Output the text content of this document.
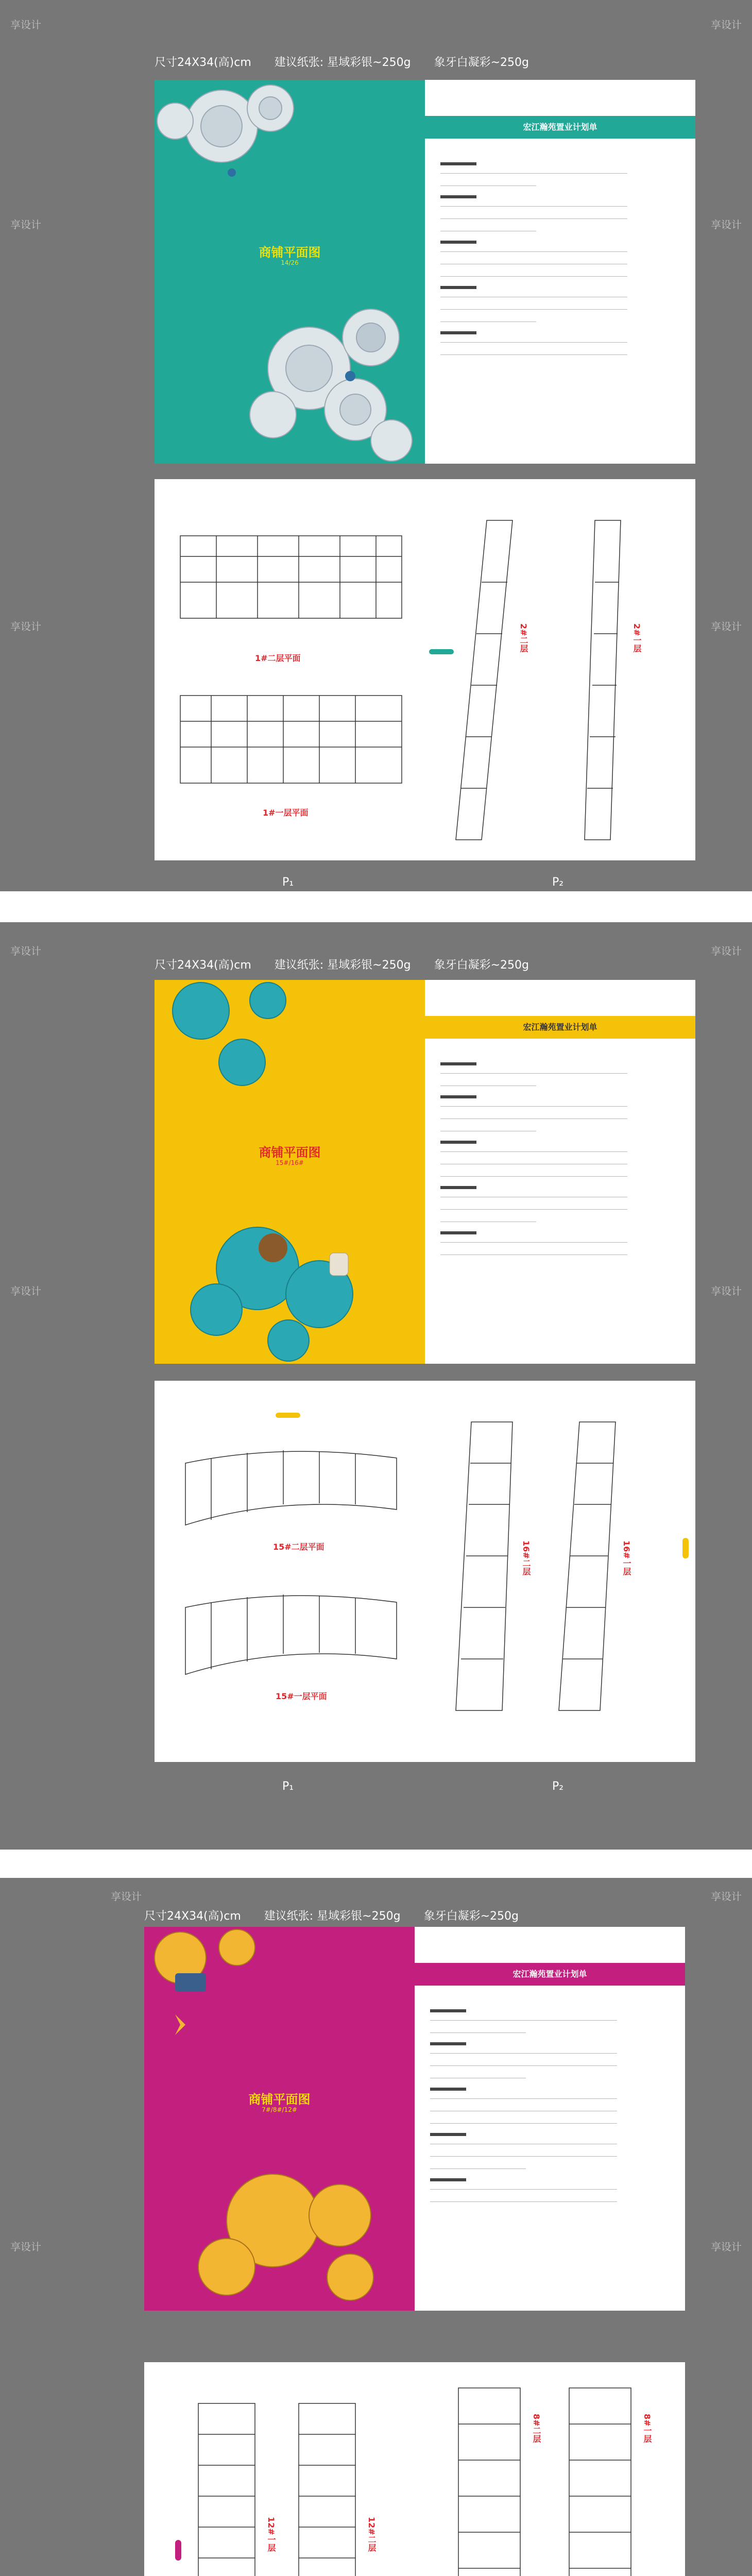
享设计	享设计
享设计	享设计
享设计	享设计
尺寸24X34(高)cm 建议纸张: 星域彩银~250g 象牙白凝彩~250g
商铺平面图
14/26
宏江瀚苑置业计划单
1#二层平面
1#一层平面
2#二层	2#一层
P₁	P₂
享设计	享设计
享设计	享设计
尺寸24X34(高)cm 建议纸张: 星域彩银~250g 象牙白凝彩~250g
商铺平面图
15#/16#
宏江瀚苑置业计划单
15#二层平面
15#一层平面
16#二层	16#一层
P₁	P₂
享设计	享设计
享设计	享设计
尺寸24X34(高)cm 建议纸张: 星域彩银~250g 象牙白凝彩~250g
商铺平面图
7#/8#/12#
宏江瀚苑置业计划单
12#一层	12#二层
8#二层	8#一层
